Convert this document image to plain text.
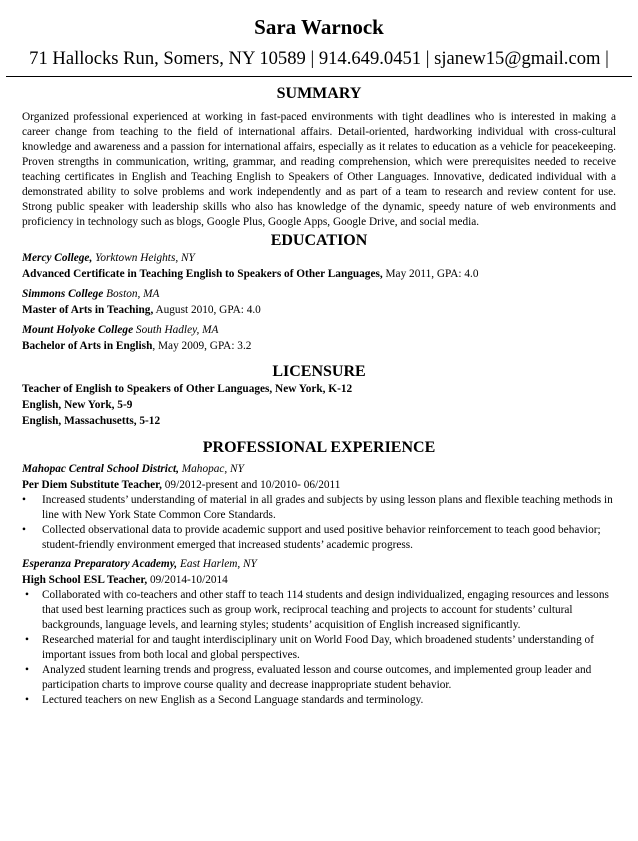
Sara Warnock
71 Hallocks Run, Somers, NY 10589 | 914.649.0451 | sjanew15@gmail.com |
SUMMARY
Organized professional experienced at working in fast-paced environments with tight deadlines who is interested in making a career change from teaching to the field of international affairs. Detail-oriented, hardworking individual with cross-cultural knowledge and awareness and a passion for international affairs, especially as it relates to education as a vehicle for peacekeeping. Proven strengths in communication, writing, grammar, and reading comprehension, which were prerequisites needed to receive teaching certificates in English and Teaching English to Speakers of Other Languages. Innovative, dedicated individual with a demonstrated ability to solve problems and work independently and as part of a team to research and review content for use. Strong public speaker with leadership skills who also has knowledge of the dynamic, speedy nature of web environments and proficiency in technology such as blogs, Google Plus, Google Apps, Google Drive, and social media.
EDUCATION
Mercy College, Yorktown Heights, NY
Advanced Certificate in Teaching English to Speakers of Other Languages, May 2011, GPA: 4.0
Simmons College Boston, MA
Master of Arts in Teaching, August 2010, GPA: 4.0
Mount Holyoke College South Hadley, MA
Bachelor of Arts in English, May 2009, GPA: 3.2
LICENSURE
Teacher of English to Speakers of Other Languages, New York, K-12
English, New York, 5-9
English, Massachusetts, 5-12
PROFESSIONAL EXPERIENCE
Mahopac Central School District, Mahopac, NY
Per Diem Substitute Teacher, 09/2012-present and 10/2010- 06/2011
• Increased students’ understanding of material in all grades and subjects by using lesson plans and flexible teaching methods in line with New York State Common Core Standards.
• Collected observational data to provide academic support and used positive behavior reinforcement to teach good behavior; student-friendly environment emerged that increased students’ academic progress.
Esperanza Preparatory Academy, East Harlem, NY
High School ESL Teacher, 09/2014-10/2014
• Collaborated with co-teachers and other staff to teach 114 students and design individualized, engaging resources and lessons that used best learning practices such as group work, reciprocal teaching and projects to account for students’ cultural backgrounds, language levels, and learning styles; students’ acquisition of English increased significantly.
• Researched material for and taught interdisciplinary unit on World Food Day, which broadened students’ understanding of important issues from both local and global perspectives.
• Analyzed student learning trends and progress, evaluated lesson and course outcomes, and implemented group leader and participation charts to improve course quality and decrease inappropriate student behavior.
• Lectured teachers on new English as a Second Language standards and terminology.
